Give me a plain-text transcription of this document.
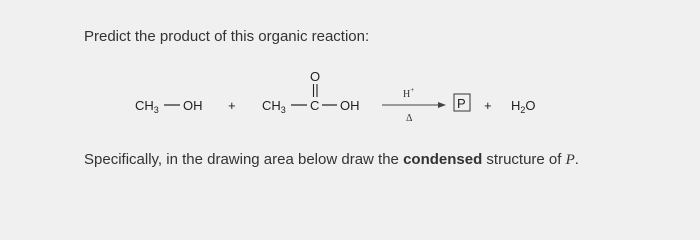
Predict the product of this organic reaction:
$CH_3$ OH + $CH_3$ C OH
O
H+
Δ
$P + H_2O$
Specifically, in the drawing area below draw the condensed structure of P.
